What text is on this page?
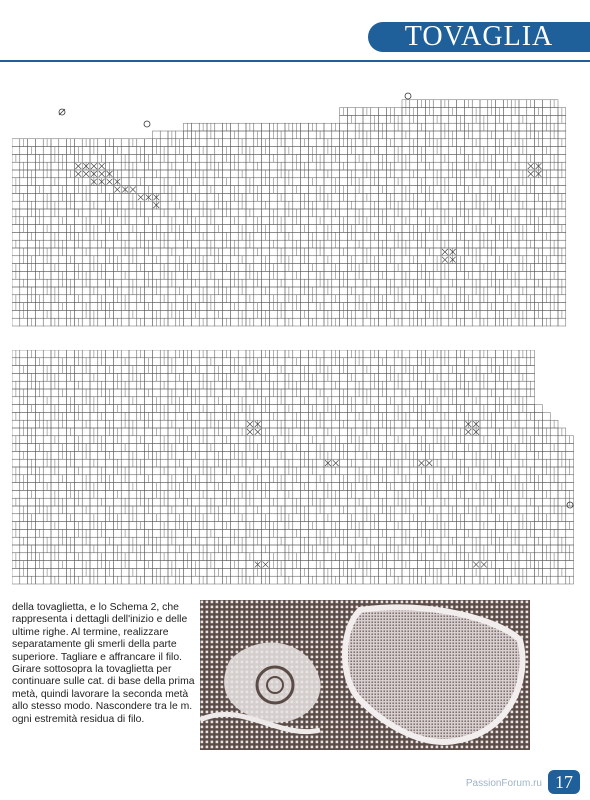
TOVAGLIA

della tovaglietta, e lo Schema 2, che rappresenta i dettagli dell'inizio e delle ultime righe. Al termine, realizzare separatamente gli smerli della parte superiore. Tagliare e affrancare il filo. Girare sottosopra la tovaglietta per continuare sulle cat. di base della prima metà, quindi lavorare la seconda metà allo stesso modo. Nascondere tra le m. ogni estremità residua di filo.

PassionForum.ru 17
